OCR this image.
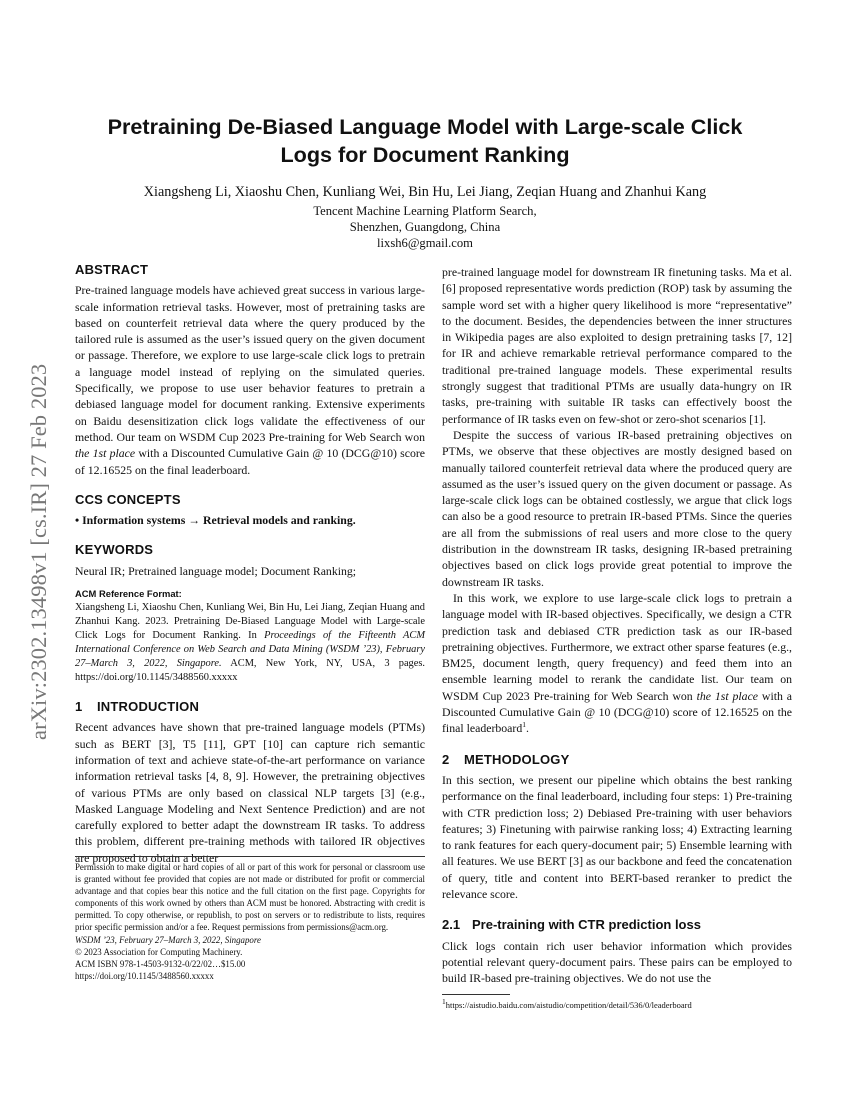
arXiv:2302.13498v1 [cs.IR] 27 Feb 2023
Pretraining De-Biased Language Model with Large-scale Click
Logs for Document Ranking
Xiangsheng Li, Xiaoshu Chen, Kunliang Wei, Bin Hu, Lei Jiang, Zeqian Huang and Zhanhui Kang
Tencent Machine Learning Platform Search,
Shenzhen, Guangdong, China
lixsh6@gmail.com
ABSTRACT

Pre-trained language models have achieved great success in various large-scale information retrieval tasks. However, most of pretraining tasks are based on counterfeit retrieval data where the query produced by the tailored rule is assumed as the user’s issued query on the given document or passage. Therefore, we explore to use large-scale click logs to pretrain a language model instead of replying on the simulated queries. Specifically, we propose to use user behavior features to pretrain a debiased language model for document ranking. Extensive experiments on Baidu desensitization click logs validate the effectiveness of our method. Our team on WSDM Cup 2023 Pre-training for Web Search won the 1st place with a Discounted Cumulative Gain @ 10 (DCG@10) score of 12.16525 on the final leaderboard.

CCS CONCEPTS

• Information systems → Retrieval models and ranking.

KEYWORDS

Neural IR; Pretrained language model; Document Ranking;

ACM Reference Format:

Xiangsheng Li, Xiaoshu Chen, Kunliang Wei, Bin Hu, Lei Jiang, Zeqian Huang and Zhanhui Kang. 2023. Pretraining De-Biased Language Model with Large-scale Click Logs for Document Ranking. In Proceedings of the Fifteenth ACM International Conference on Web Search and Data Mining (WSDM ’23), February 27–March 3, 2022, Singapore. ACM, New York, NY, USA, 3 pages. https://doi.org/10.1145/3488560.xxxxx

1 INTRODUCTION

Recent advances have shown that pre-trained language models (PTMs) such as BERT [3], T5 [11], GPT [10] can capture rich semantic information of text and achieve state-of-the-art performance on variance information retrieval tasks [4, 8, 9]. However, the pretraining objectives of various PTMs are only based on classical NLP targets [3] (e.g., Masked Language Modeling and Next Sentence Prediction) and are not carefully explored to better adapt the downstream IR tasks. To address this problem, different pre-training methods with tailored IR objectives are proposed to obtain a better

Permission to make digital or hard copies of all or part of this work for personal or classroom use is granted without fee provided that copies are not made or distributed for profit or commercial advantage and that copies bear this notice and the full citation on the first page. Copyrights for components of this work owned by others than ACM must be honored. Abstracting with credit is permitted. To copy otherwise, or republish, to post on servers or to redistribute to lists, requires prior specific permission and/or a fee. Request permissions from permissions@acm.org.

WSDM ’23, February 27–March 3, 2022, Singapore

© 2023 Association for Computing Machinery.

ACM ISBN 978-1-4503-9132-0/22/02…$15.00

https://doi.org/10.1145/3488560.xxxxx

pre-trained language model for downstream IR finetuning tasks. Ma et al. [6] proposed representative words prediction (ROP) task by assuming the sample word set with a higher query likelihood is more “representative” to the document. Besides, the dependencies between the inner structures in Wikipedia pages are also exploited to design pretraining tasks [7, 12] for IR and achieve remarkable retrieval performance compared to the traditional pre-trained language models. These experimental results strongly suggest that traditional PTMs are usually data-hungry on IR tasks, pre-training with suitable IR tasks can effectively boost the performance of IR tasks even on few-shot or zero-shot scenarios [1].

Despite the success of various IR-based pretraining objectives on PTMs, we observe that these objectives are mostly designed based on manually tailored counterfeit retrieval data where the produced query are assumed as the user’s issued query on the given document or passage. As large-scale click logs can be obtained costlessly, we argue that click logs can also be a good resource to pretrain IR-based PTMs. Since the queries are all from the submissions of real users and more close to the query distribution in the downstream IR tasks, designing IR-based pretraining objectives based on click logs provide great potential to improve the downstream IR tasks.

In this work, we explore to use large-scale click logs to pretrain a language model with IR-based objectives. Specifically, we design a CTR prediction task and debiased CTR prediction task as our IR-based pretraining objectives. Furthermore, we extract other sparse features (e.g., BM25, document length, query frequency) and feed them into an ensemble learning model to rerank the candidate list. Our team on WSDM Cup 2023 Pre-training for Web Search won the 1st place with a Discounted Cumulative Gain @ 10 (DCG@10) score of 12.16525 on the final leaderboard$^1$.

2 METHODOLOGY

In this section, we present our pipeline which obtains the best ranking performance on the final leaderboard, including four steps: 1) Pre-training with CTR prediction loss; 2) Debiased Pre-training with user behaviors features; 3) Finetuning with pairwise ranking loss; 4) Extracting learning to rank features for each query-document pair; 5) Ensemble learning with all features. We use BERT [3] as our backbone and feed the concatenation of query, title and content into BERT-based reranker to predict the relevance score.

2.1 Pre-training with CTR prediction loss

Click logs contain rich user behavior information which provides potential relevant query-document pairs. These pairs can be employed to build IR-based pre-training objectives. We do not use the

$^1$https://aistudio.baidu.com/aistudio/competition/detail/536/0/leaderboard
